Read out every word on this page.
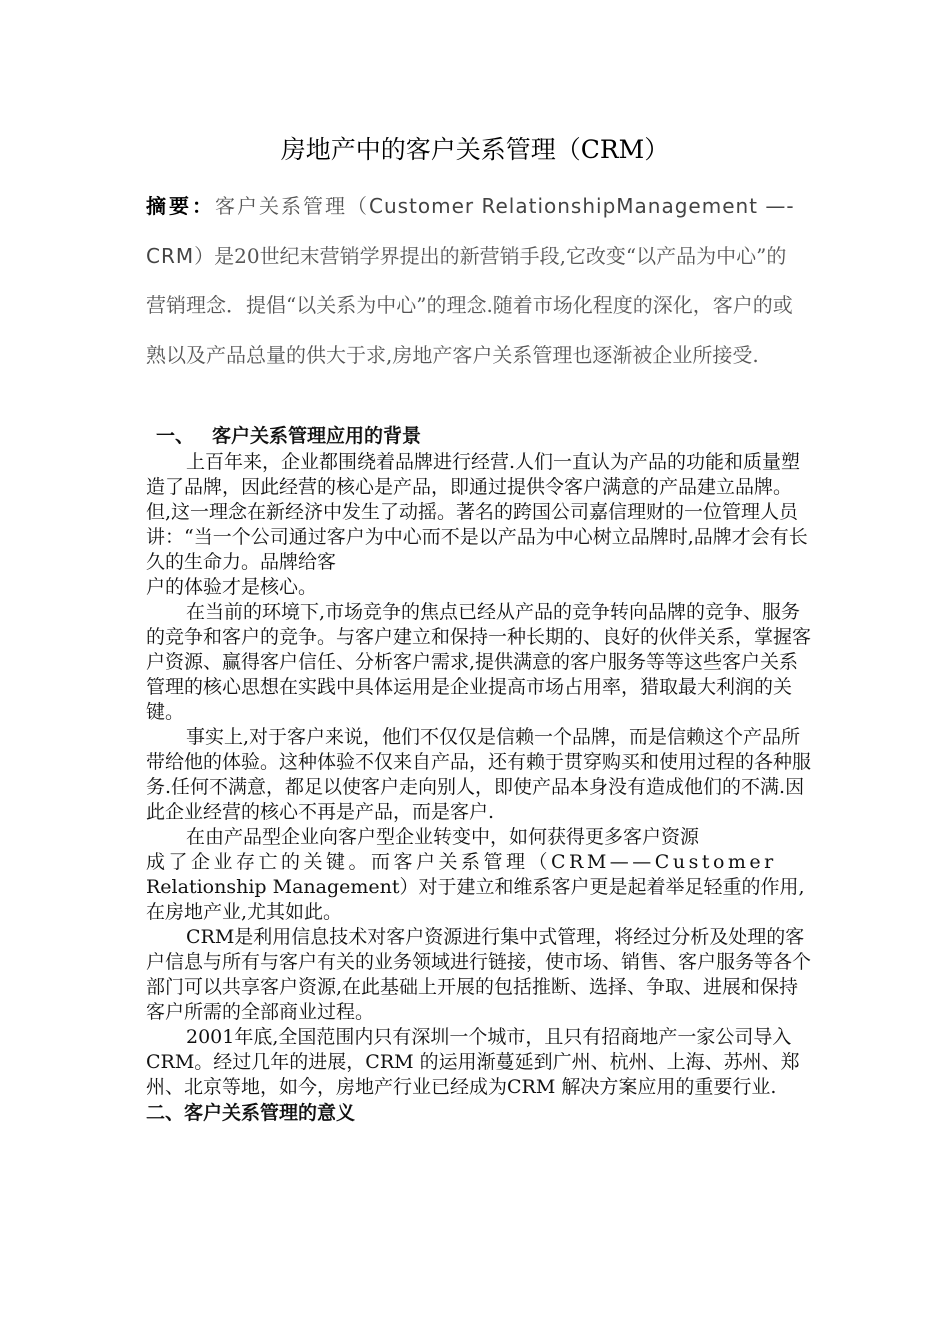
房地产中的客户关系管理（CRM）

摘要：客户关系管理（Customer RelationshipManagement —-CRM）是20世纪末营销学界提出的新营销手段,它改变“以产品为中心”的营销理念．提倡“以关系为中心”的理念.随着市场化程度的深化，客户的或熟以及产品总量的供大于求,房地产客户关系管理也逐渐被企业所接受.

一、 客户关系管理应用的背景

上百年来，企业都围绕着品牌进行经营.人们一直认为产品的功能和质量塑造了品牌，因此经营的核心是产品，即通过提供令客户满意的产品建立品牌。但,这一理念在新经济中发生了动摇。著名的跨国公司嘉信理财的一位管理人员讲：“当一个公司通过客户为中心而不是以产品为中心树立品牌时,品牌才会有长久的生命力。品牌给客

户的体验才是核心。

在当前的环境下,市场竞争的焦点已经从产品的竞争转向品牌的竞争、服务的竞争和客户的竞争。与客户建立和保持一种长期的、良好的伙伴关系，掌握客户资源、赢得客户信任、分析客户需求,提供满意的客户服务等等这些客户关系管理的核心思想在实践中具体运用是企业提高市场占用率，猎取最大利润的关键。

事实上,对于客户来说，他们不仅仅是信赖一个品牌，而是信赖这个产品所带给他的体验。这种体验不仅来自产品，还有赖于贯穿购买和使用过程的各种服务.任何不满意，都足以使客户走向别人，即使产品本身没有造成他们的不满.因此企业经营的核心不再是产品，而是客户.

在由产品型企业向客户型企业转变中，如何获得更多客户资源

成了企业存亡的关键。而客户关系管理（CRM——Customer

Relationship Management）对于建立和维系客户更是起着举足轻重的作用,在房地产业,尤其如此。

CRM是利用信息技术对客户资源进行集中式管理，将经过分析及处理的客户信息与所有与客户有关的业务领域进行链接，使市场、销售、客户服务等各个部门可以共享客户资源,在此基础上开展的包括推断、选择、争取、进展和保持客户所需的全部商业过程。

2001年底,全国范围内只有深圳一个城市，且只有招商地产一家公司导入CRM。经过几年的进展，CRM 的运用渐蔓延到广州、杭州、上海、苏州、郑州、北京等地，如今，房地产行业已经成为CRM 解决方案应用的重要行业.

二、客户关系管理的意义
